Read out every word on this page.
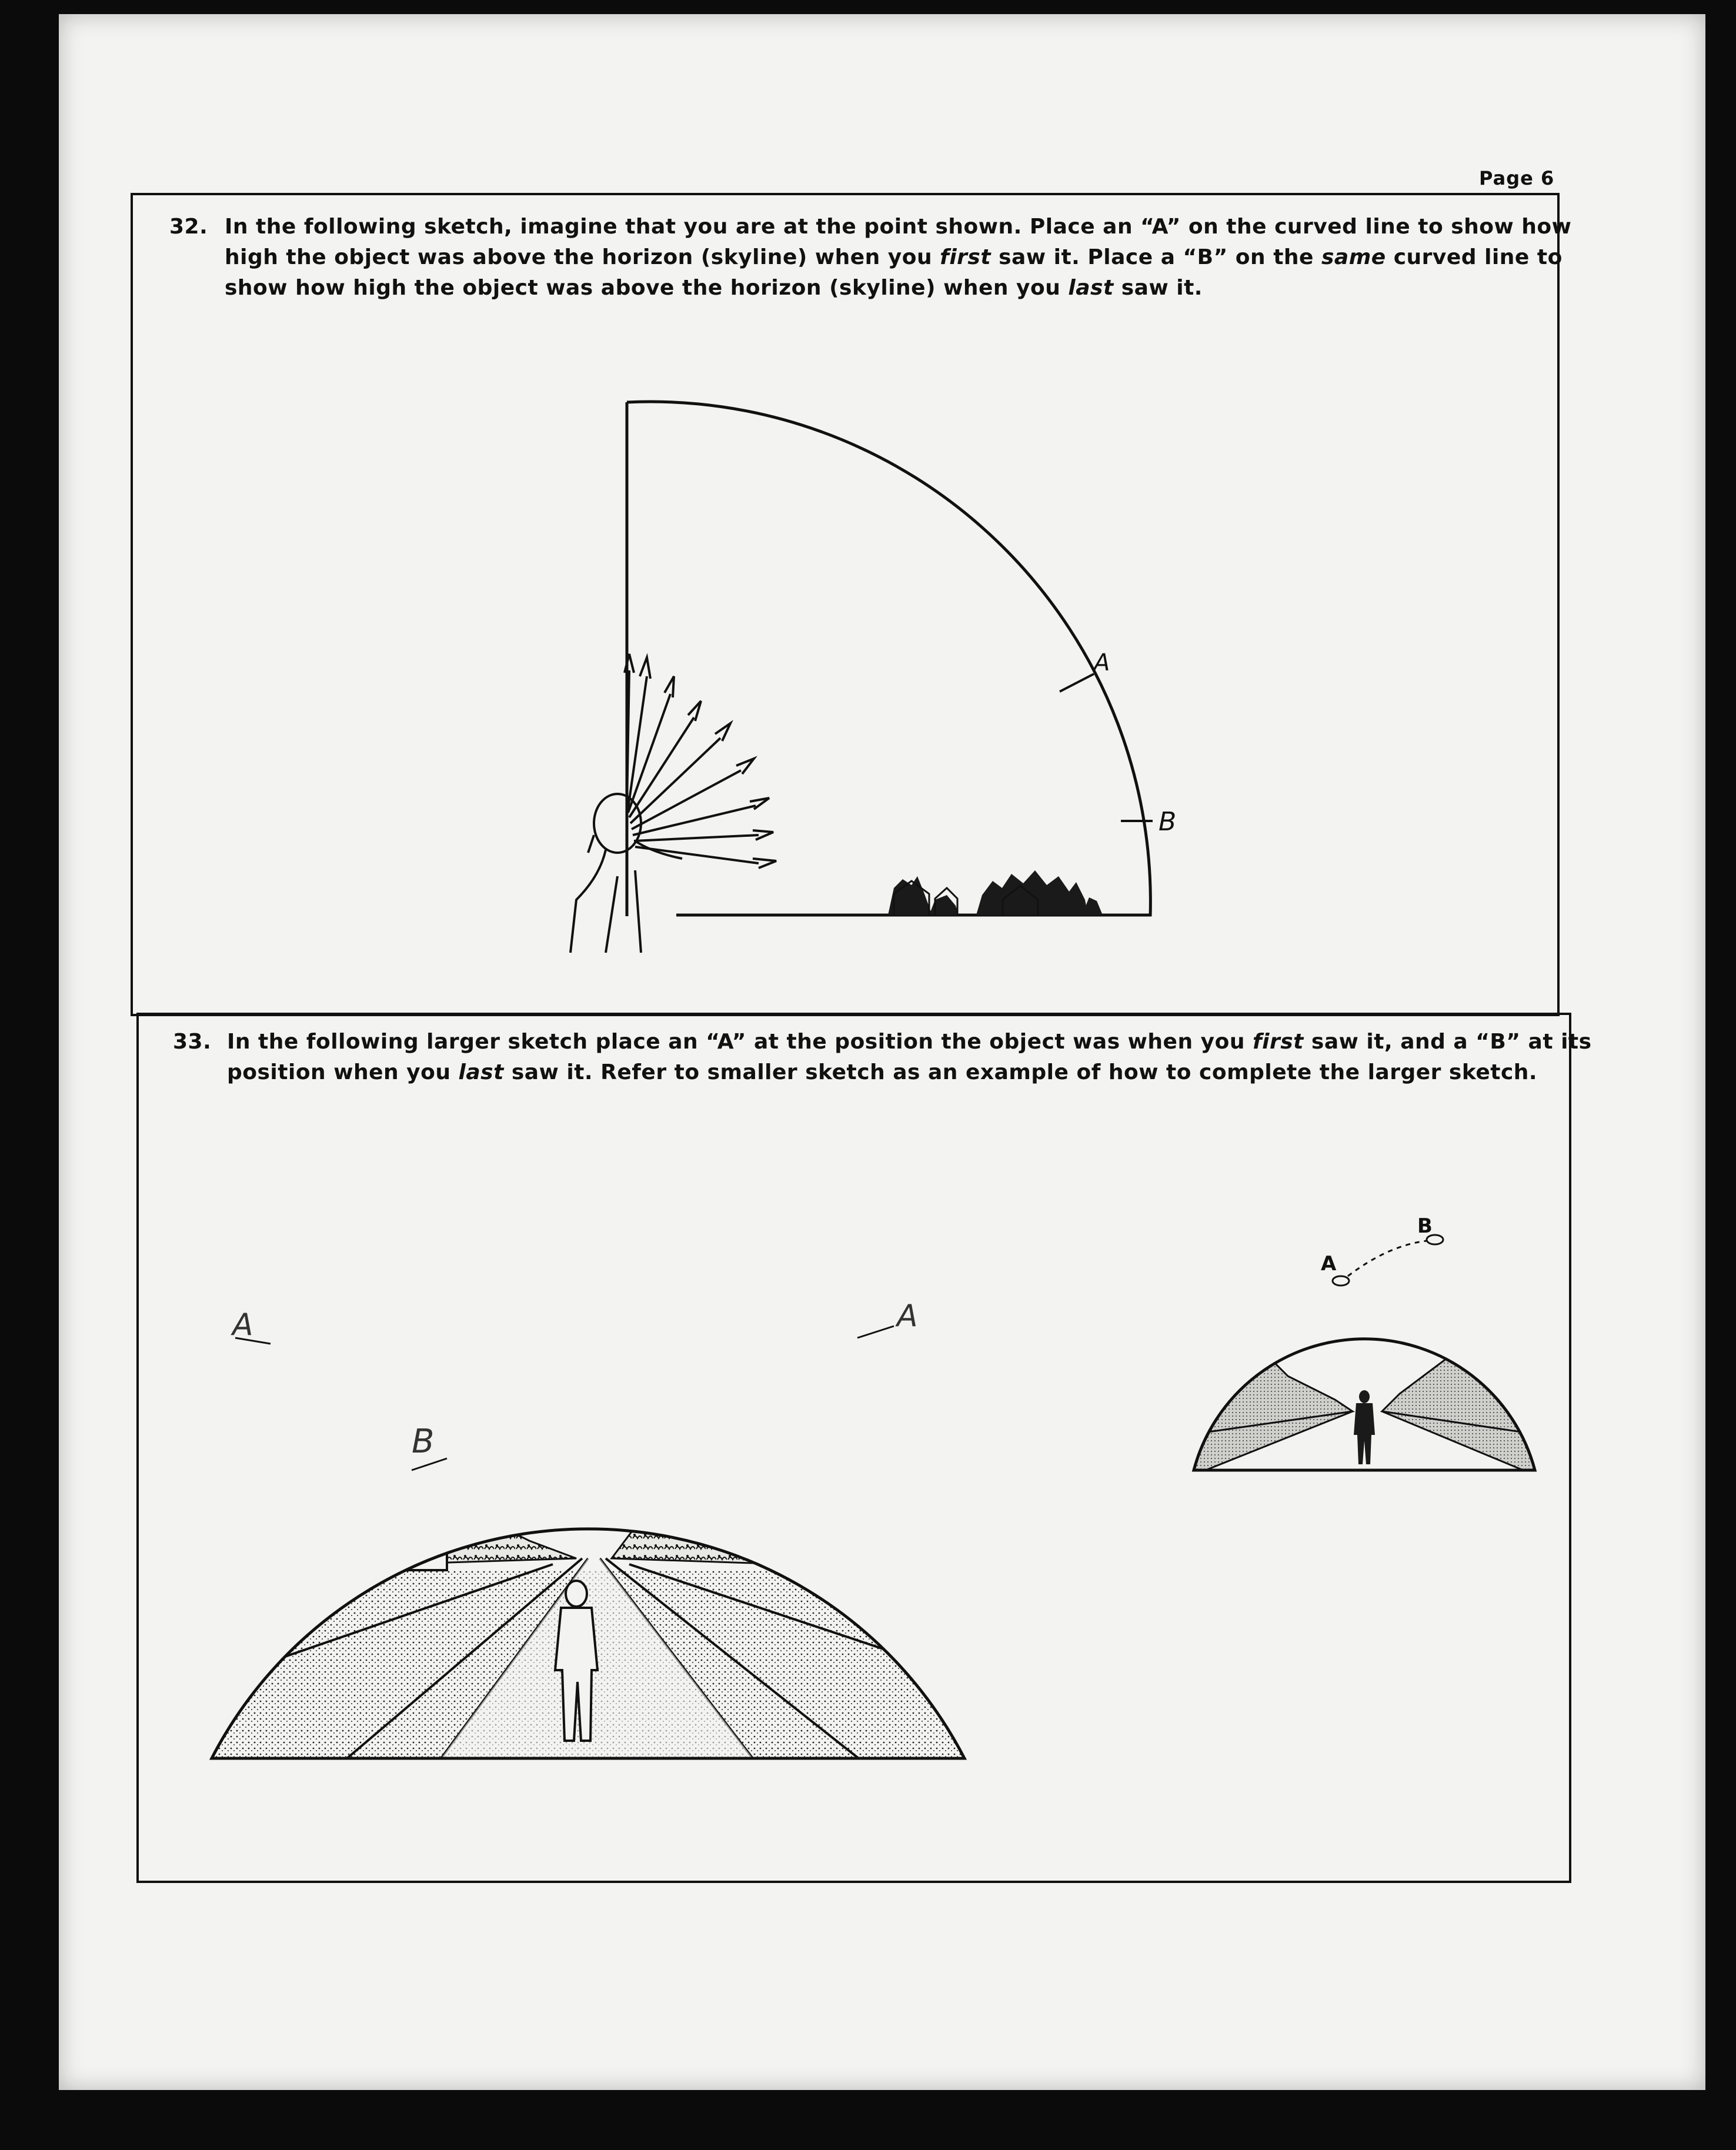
Page 6
32. In the following sketch, imagine that you are at the point shown. Place an “A” on the curved line to show how
high the object was above the horizon (skyline) when you first saw it. Place a “B” on the same curved line to
show how high the object was above the horizon (skyline) when you last saw it.
A
B
33. In the following larger sketch place an “A” at the position the object was when you first saw it, and a “B” at its
position when you last saw it. Refer to smaller sketch as an example of how to complete the larger sketch.
A	A
B
A
B
